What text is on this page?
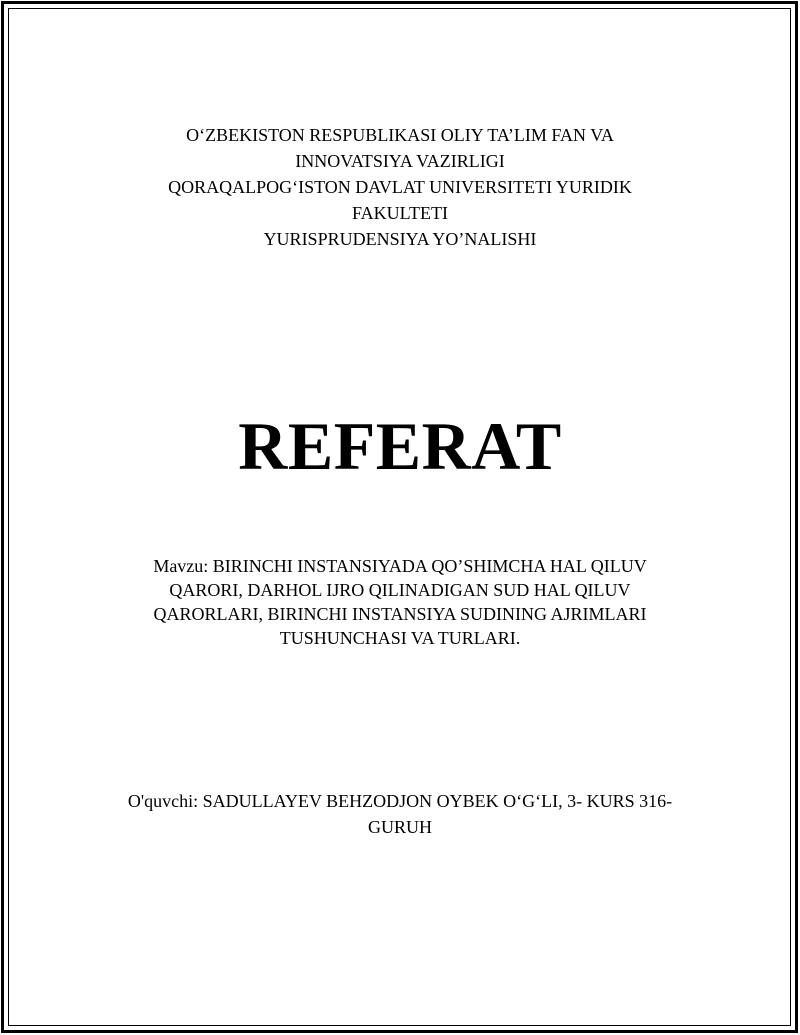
O‘ZBEKISTON RESPUBLIKASI OLIY TA’LIM FAN VA
INNOVATSIYA VAZIRLIGI
QORAQALPOG‘ISTON DAVLAT UNIVERSITETI YURIDIK
FAKULTETI
YURISPRUDENSIYA YO’NALISHI
REFERAT
Mavzu: BIRINCHI INSTANSIYADA QO’SHIMCHA HAL QILUV
QARORI, DARHOL IJRO QILINADIGAN SUD HAL QILUV
QARORLARI, BIRINCHI INSTANSIYA SUDINING AJRIMLARI
TUSHUNCHASI VA TURLARI.
O'quvchi: SADULLAYEV BEHZODJON OYBEK O‘G‘LI, 3- KURS 316-
GURUH
